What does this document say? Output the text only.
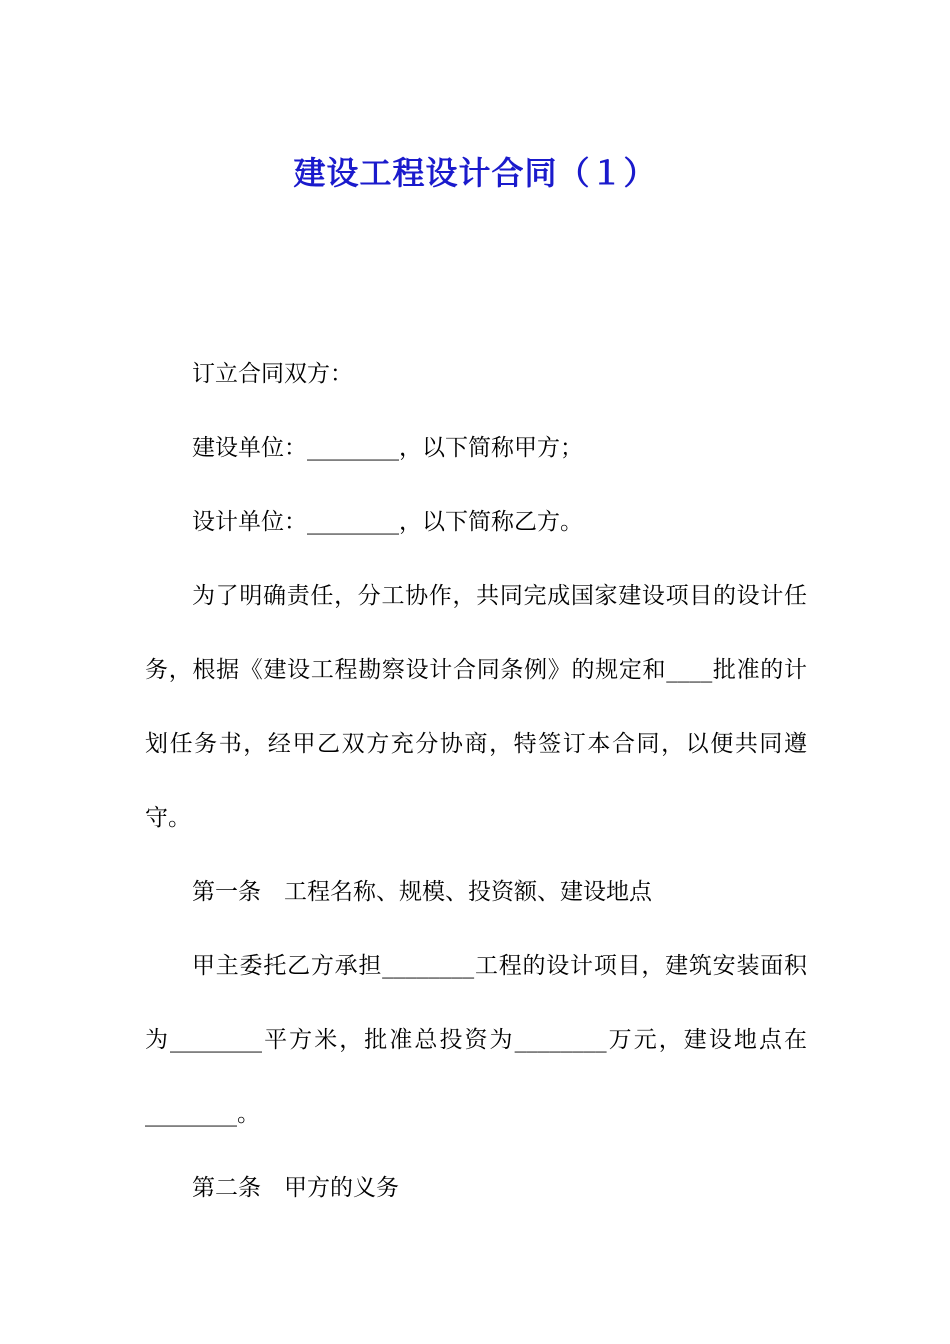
建设工程设计合同（１）

订立合同双方：

建设单位：________，以下简称甲方；

设计单位：________，以下简称乙方。

为了明确责任，分工协作，共同完成国家建设项目的设计任务，根据《建设工程勘察设计合同条例》的规定和____批准的计划任务书，经甲乙双方充分协商，特签订本合同，以便共同遵守。

第一条　工程名称、规模、投资额、建设地点

甲主委托乙方承担________工程的设计项目，建筑安装面积为________平方米，批准总投资为________万元，建设地点在________。

第二条　甲方的义务
